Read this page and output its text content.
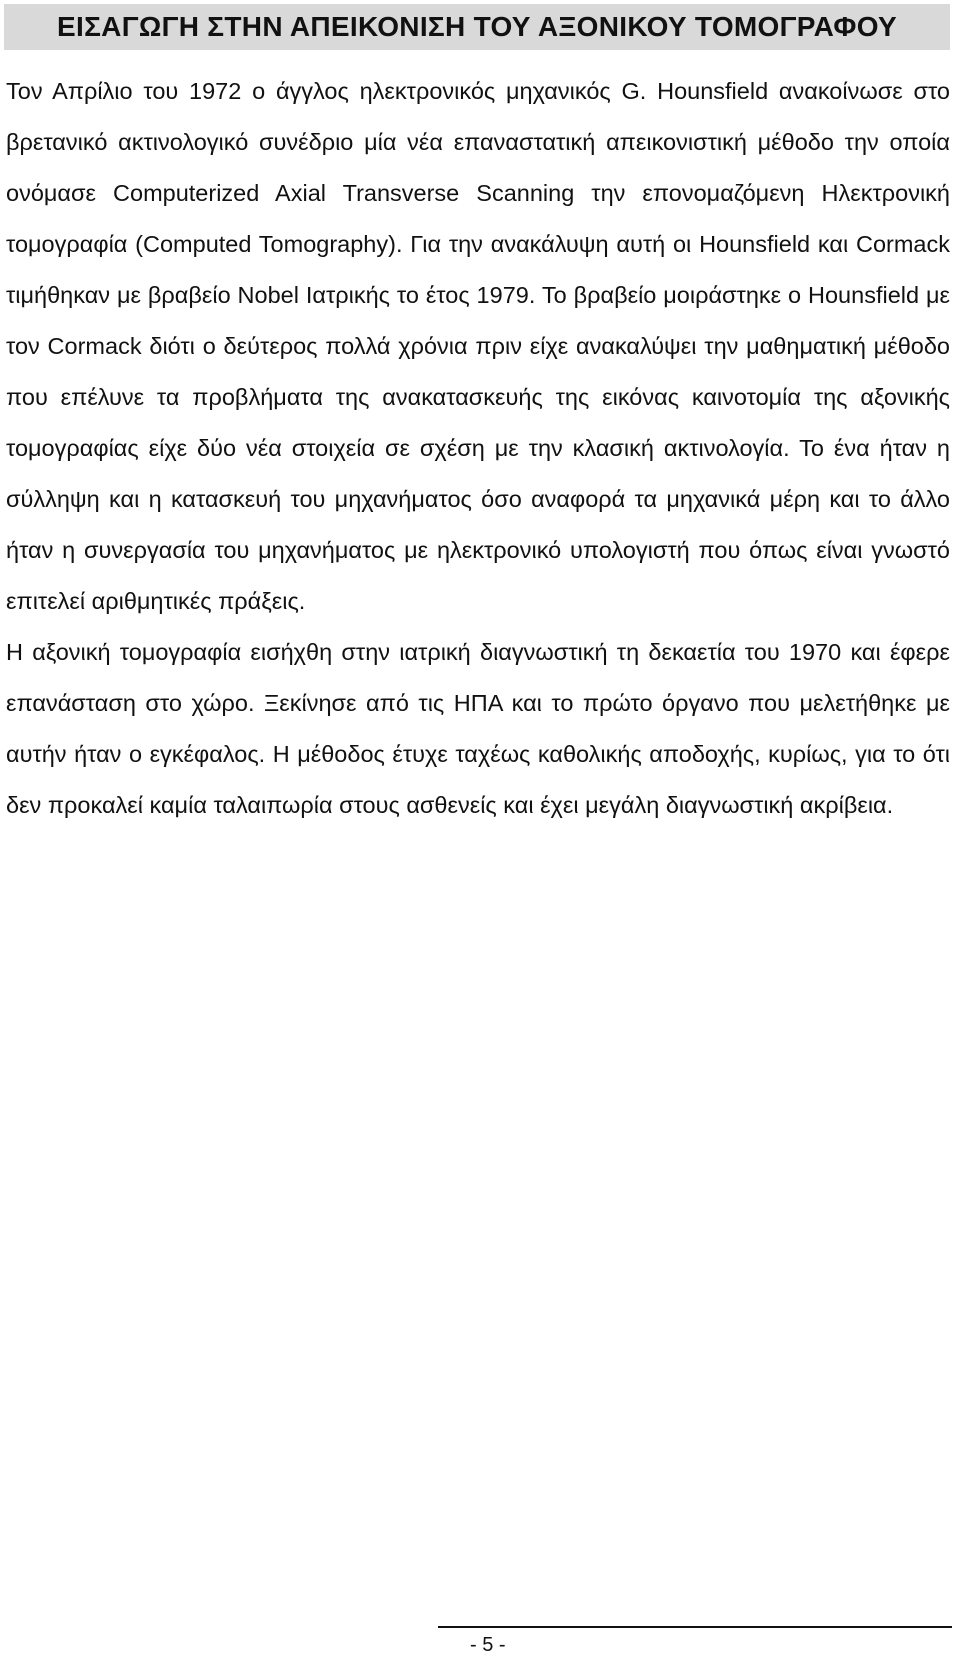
ΕΙΣΑΓΩΓΗ ΣΤΗΝ ΑΠΕΙΚΟΝΙΣΗ ΤΟΥ ΑΞΟΝΙΚΟΥ ΤΟΜΟΓΡΑΦΟΥ

Τον Απρίλιο του 1972 ο άγγλος ηλεκτρονικός μηχανικός G. Hounsfield ανακοίνωσε στο βρετανικό ακτινολογικό συνέδριο μία νέα επαναστατική απεικονιστική μέθοδο την οποία ονόμασε Computerized Axial Transverse Scanning την επονομαζόμενη Ηλεκτρονική τομογραφία (Computed Tomography). Για την ανακάλυψη αυτή οι Hounsfield και Cormack τιμήθηκαν με βραβείο Nobel Ιατρικής το έτος 1979. Το βραβείο μοιράστηκε ο Hounsfield με τον Cormack διότι ο δεύτερος πολλά χρόνια πριν είχε ανακαλύψει την μαθηματική μέθοδο που επέλυνε τα προβλήματα της ανακατασκευής της εικόνας καινοτομία της αξονικής τομογραφίας είχε δύο νέα στοιχεία σε σχέση με την κλασική ακτινολογία. Το ένα ήταν η σύλληψη και η κατασκευή του μηχανήματος όσο αναφορά τα μηχανικά μέρη και το άλλο ήταν η συνεργασία του μηχανήματος με ηλεκτρονικό υπολογιστή που όπως είναι γνωστό επιτελεί αριθμητικές πράξεις.

Η αξονική τομογραφία εισήχθη στην ιατρική διαγνωστική τη δεκαετία του 1970 και έφερε επανάσταση στο χώρο. Ξεκίνησε από τις ΗΠΑ και το πρώτο όργανο που μελετήθηκε με αυτήν ήταν ο εγκέφαλος. Η μέθοδος έτυχε ταχέως καθολικής αποδοχής, κυρίως, για το ότι δεν προκαλεί καμία ταλαιπωρία στους ασθενείς και έχει μεγάλη διαγνωστική ακρίβεια.

- 5 -
